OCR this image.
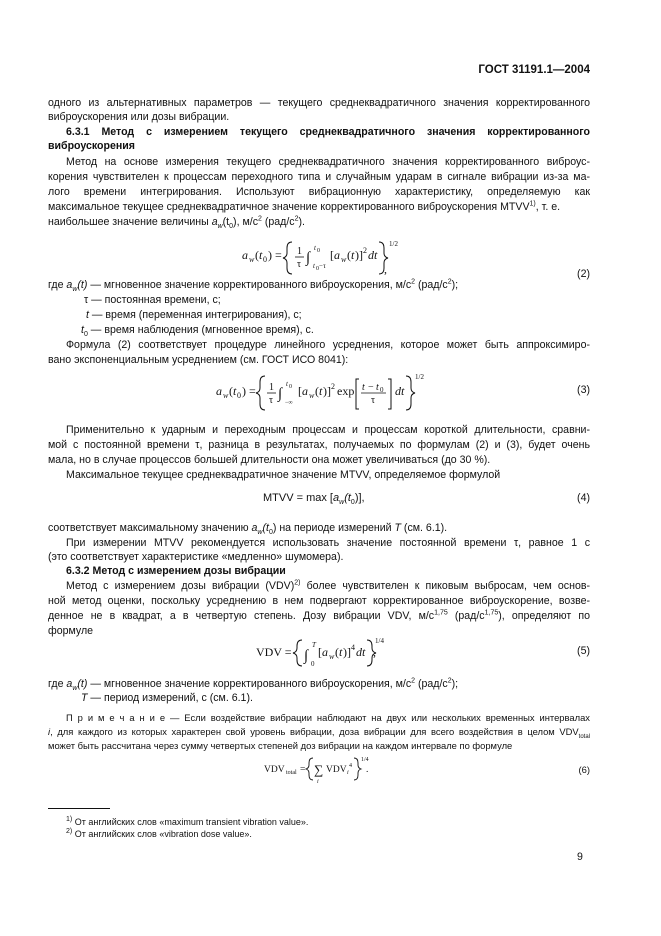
ГОСТ 31191.1—2004
одного из альтернативных параметров — текущего среднеквадратичного значения корректированного
виброускорения или дозы вибрации.
6.3.1 Метод с измерением текущего среднеквадратичного значения корректированного
виброускорения
Метод на основе измерения текущего среднеквадратичного значения корректированного виброус-
корения чувствителен к процессам переходного типа и случайным ударам в сигнале вибрации из-за ма-
лого времени интегрирования. Используют вибрационную характеристику, определяемую как
максимальное текущее среднеквадратичное значение корректированного виброускорения MTVV$^{1)}$, т. е.
наибольшее значение величины $a_w(t_0)$, $м/с^2$ $(рад/с^2)$.
a w ( t 0 ) = 1
τ ∫
t 0
t 0 −τ
[ a w ( t )] 2 dt
1/2
,	(2)
где $a_w(t)$ — мгновенное значение корректированного виброускорения, $м/с^2$ $(рад/с^2)$;
τ — постоянная времени, с;
t — время (переменная интегрирования), с;
$t_0$ — время наблюдения (мгновенное время), с.
Формула (2) соответствует процедуре линейного усреднения, которое может быть аппроксимиро-
вано экспоненциальным усреднением (см. ГОСТ ИСО 8041):
a w ( t 0 ) = 1
τ ∫
t 0
−∞
[ a w ( t )] 2 exp t − t 0
τ
dt
1/2
.	(3)
Применительно к ударным и переходным процессам и процессам короткой длительности, сравни-
мой с постоянной времени τ, разница в результатах, получаемых по формулам (2) и (3), будет очень
мала, но в случае процессов большей длительности она может увеличиваться (до 30 %).
Максимальное текущее среднеквадратичное значение MTVV, определяемое формулой
MTVV = $\max [a_w(t_0)]$,	(4)
соответствует максимальному значению $a_w(t_0)$ на периоде измерений T (см. 6.1).
При измерении MTVV рекомендуется использовать значение постоянной времени τ, равное 1 с
(это соответствует характеристике «медленно» шумомера).
6.3.2 Метод с измерением дозы вибрации
Метод с измерением дозы вибрации (VDV)$^{2)}$ более чувствителен к пиковым выбросам, чем основ-
ной метод оценки, поскольку усреднению в нем подвергают корректированное виброускорение, возве-
денное не в квадрат, а в четвертую степень. Дозу вибрации VDV, $м/с^{1,75}$ $(рад/с^{1,75})$, определяют по
формуле
VDV = ∫
T
0
[ a w ( t )] 4 dt
1/4
,	(5)
где $a_w(t)$ — мгновенное значение корректированного виброускорения, $м/с^2$ $(рад/с^2)$;
T — период измерений, с (см. 6.1).
П р и м е ч а н и е — Если воздействие вибрации наблюдают на двух или нескольких временных интервалах
i, для каждого из которых характерен свой уровень вибрации, доза вибрации для всего воздействия в целом $VDV_{total}$
может быть рассчитана через сумму четвертых степеней доз вибрации на каждом интервале по формуле
VDV total = ∑
i
VDV i
4
1/4
.	(6)
$^{1)}$ От английских слов «maximum transient vibration value».
$^{2)}$ От английских слов «vibration dose value».
9
